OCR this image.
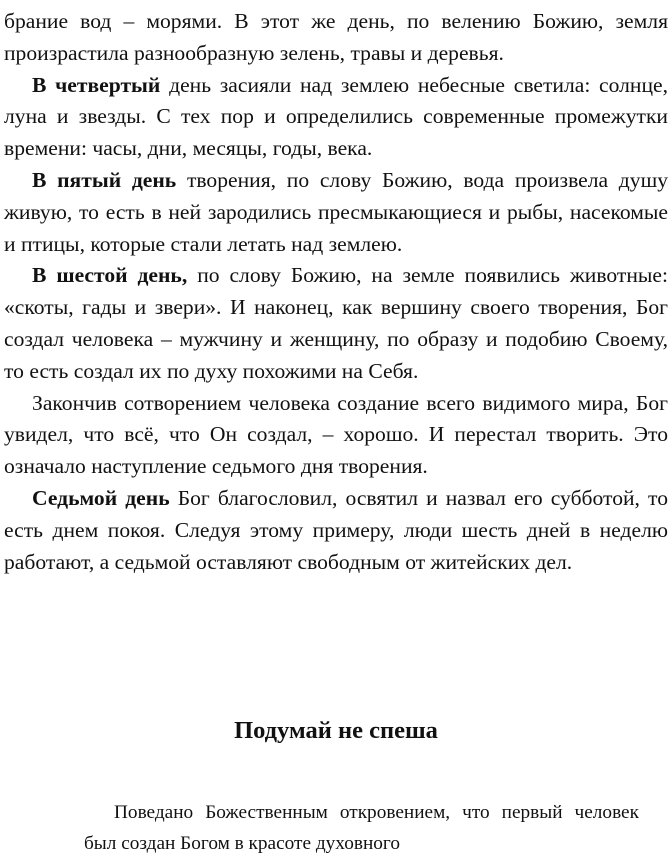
брание вод – морями. В этот же день, по велению Божию, земля произрастила разнообразную зелень, травы и деревья.

В четвертый день засияли над землею небесные светила: солнце, луна и звезды. С тех пор и определились современные промежутки времени: часы, дни, месяцы, годы, века.

В пятый день творения, по слову Божию, вода произвела душу живую, то есть в ней зародились пресмыкающиеся и рыбы, насекомые и птицы, которые стали летать над землею.

В шестой день, по слову Божию, на земле появились животные: «скоты, гады и звери». И наконец, как вершину своего творения, Бог создал человека – мужчину и женщину, по образу и подобию Своему, то есть создал их по духу похожими на Себя.

Закончив сотворением человека создание всего видимого мира, Бог увидел, что всё, что Он создал, – хорошо. И перестал творить. Это означало наступление седьмого дня творения.

Седьмой день Бог благословил, освятил и назвал его субботой, то есть днем покоя. Следуя этому примеру, люди шесть дней в неделю работают, а седьмой оставляют свободным от житейских дел.

Подумай не спеша

Поведано Божественным откровением, что первый человек был создан Богом в красоте духовного
